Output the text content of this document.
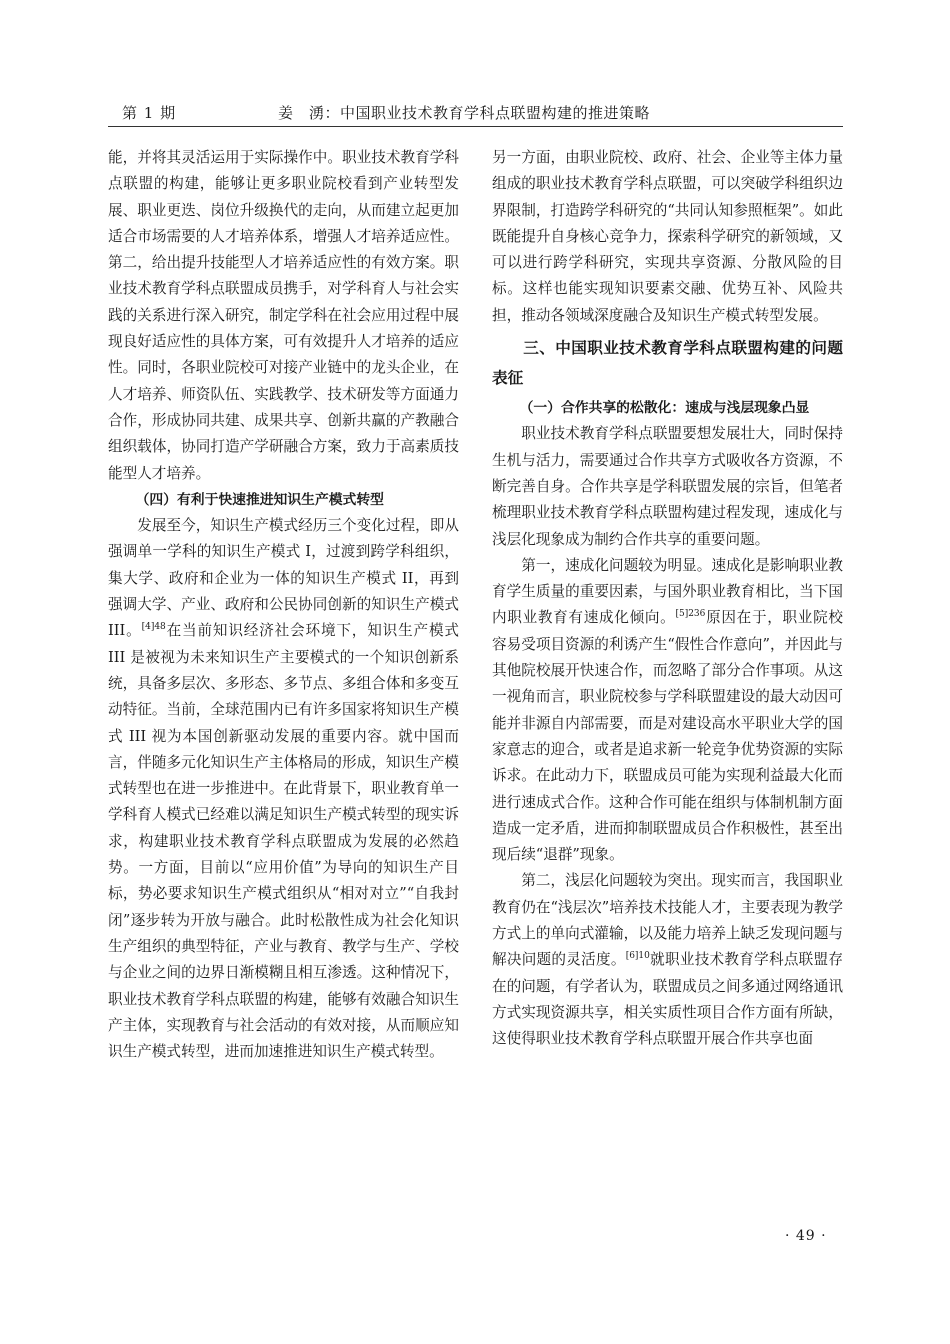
第 1 期	姜　湧：中国职业技术教育学科点联盟构建的推进策略

能，并将其灵活运用于实际操作中。职业技术教育学科点联盟的构建，能够让更多职业院校看到产业转型发展、职业更迭、岗位升级换代的走向，从而建立起更加适合市场需要的人才培养体系，增强人才培养适应性。第二，给出提升技能型人才培养适应性的有效方案。职业技术教育学科点联盟成员携手，对学科育人与社会实践的关系进行深入研究，制定学科在社会应用过程中展现良好适应性的具体方案，可有效提升人才培养的适应性。同时，各职业院校可对接产业链中的龙头企业，在人才培养、师资队伍、实践教学、技术研发等方面通力合作，形成协同共建、成果共享、创新共赢的产教融合组织载体，协同打造产学研融合方案，致力于高素质技能型人才培养。

（四）有利于快速推进知识生产模式转型

发展至今，知识生产模式经历三个变化过程，即从强调单一学科的知识生产模式 I，过渡到跨学科组织，集大学、政府和企业为一体的知识生产模式 II，再到强调大学、产业、政府和公民协同创新的知识生产模式 III。$^{[4]48}$在当前知识经济社会环境下，知识生产模式 III 是被视为未来知识生产主要模式的一个知识创新系统，具备多层次、多形态、多节点、多组合体和多变互动特征。当前，全球范围内已有许多国家将知识生产模式 III 视为本国创新驱动发展的重要内容。就中国而言，伴随多元化知识生产主体格局的形成，知识生产模式转型也在进一步推进中。在此背景下，职业教育单一学科育人模式已经难以满足知识生产模式转型的现实诉求，构建职业技术教育学科点联盟成为发展的必然趋势。一方面，目前以“应用价值”为导向的知识生产目标，势必要求知识生产模式组织从“相对对立”“自我封闭”逐步转为开放与融合。此时松散性成为社会化知识生产组织的典型特征，产业与教育、教学与生产、学校与企业之间的边界日渐模糊且相互渗透。这种情况下，职业技术教育学科点联盟的构建，能够有效融合知识生产主体，实现教育与社会活动的有效对接，从而顺应知识生产模式转型，进而加速推进知识生产模式转型。

另一方面，由职业院校、政府、社会、企业等主体力量组成的职业技术教育学科点联盟，可以突破学科组织边界限制，打造跨学科研究的“共同认知参照框架”。如此既能提升自身核心竞争力，探索科学研究的新领域，又可以进行跨学科研究，实现共享资源、分散风险的目标。这样也能实现知识要素交融、优势互补、风险共担，推动各领域深度融合及知识生产模式转型发展。

三、中国职业技术教育学科点联盟构建的问题表征
（一）合作共享的松散化：速成与浅层现象凸显

职业技术教育学科点联盟要想发展壮大，同时保持生机与活力，需要通过合作共享方式吸收各方资源，不断完善自身。合作共享是学科联盟发展的宗旨，但笔者梳理职业技术教育学科点联盟构建过程发现，速成化与浅层化现象成为制约合作共享的重要问题。

第一，速成化问题较为明显。速成化是影响职业教育学生质量的重要因素，与国外职业教育相比，当下国内职业教育有速成化倾向。$^{[5]236}$原因在于，职业院校容易受项目资源的利诱产生“假性合作意向”，并因此与其他院校展开快速合作，而忽略了部分合作事项。从这一视角而言，职业院校参与学科联盟建设的最大动因可能并非源自内部需要，而是对建设高水平职业大学的国家意志的迎合，或者是追求新一轮竞争优势资源的实际诉求。在此动力下，联盟成员可能为实现利益最大化而进行速成式合作。这种合作可能在组织与体制机制方面造成一定矛盾，进而抑制联盟成员合作积极性，甚至出现后续“退群”现象。

第二，浅层化问题较为突出。现实而言，我国职业教育仍在“浅层次”培养技术技能人才，主要表现为教学方式上的单向式灌输，以及能力培养上缺乏发现问题与解决问题的灵活度。$^{[6]10}$就职业技术教育学科点联盟存在的问题，有学者认为，联盟成员之间多通过网络通讯方式实现资源共享，相关实质性项目合作方面有所缺，这使得职业技术教育学科点联盟开展合作共享也面

· 49 ·
